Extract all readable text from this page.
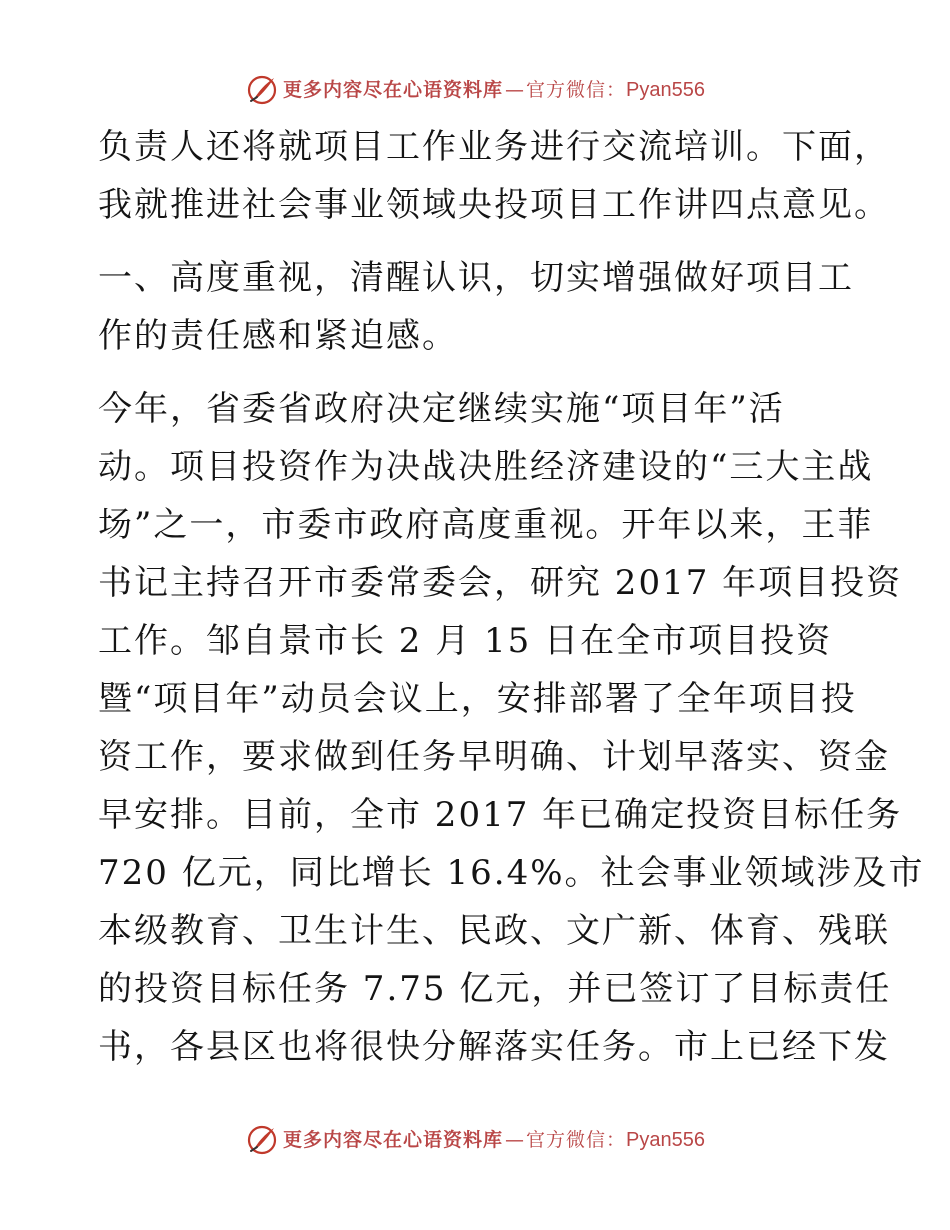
更多内容尽在心语资料库 — 官方微信： Pyan556
负责人还将就项目工作业务进行交流培训。下面，
我就推进社会事业领域央投项目工作讲四点意见。
一、高度重视，清醒认识，切实增强做好项目工
作的责任感和紧迫感。
今年，省委省政府决定继续实施“项目年”活
动。项目投资作为决战决胜经济建设的“三大主战
场”之一，市委市政府高度重视。开年以来，王菲
书记主持召开市委常委会，研究 2017 年项目投资
工作。邹自景市长 2 月 15 日在全市项目投资
暨“项目年”动员会议上，安排部署了全年项目投
资工作，要求做到任务早明确、计划早落实、资金
早安排。目前，全市 2017 年已确定投资目标任务
720 亿元，同比增长 16.4%。社会事业领域涉及市
本级教育、卫生计生、民政、文广新、体育、残联
的投资目标任务 7.75 亿元，并已签订了目标责任
书，各县区也将很快分解落实任务。市上已经下发
更多内容尽在心语资料库 — 官方微信： Pyan556
